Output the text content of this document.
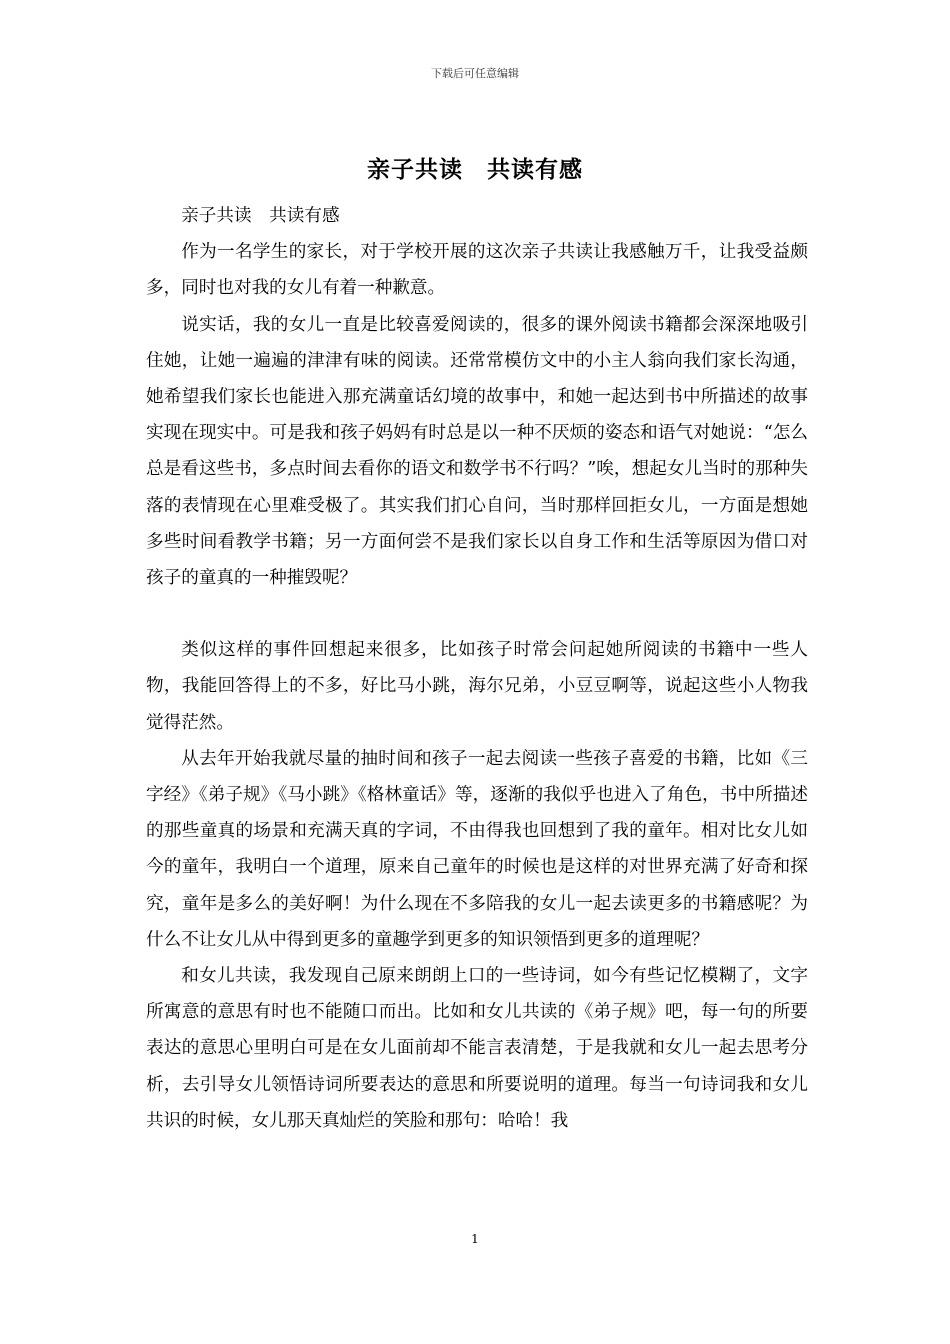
下载后可任意编辑
亲子共读　共读有感

亲子共读　共读有感

作为一名学生的家长，对于学校开展的这次亲子共读让我感触万千，让我受益颇多，同时也对我的女儿有着一种歉意。

说实话，我的女儿一直是比较喜爱阅读的，很多的课外阅读书籍都会深深地吸引住她，让她一遍遍的津津有味的阅读。还常常模仿文中的小主人翁向我们家长沟通，她希望我们家长也能进入那充满童话幻境的故事中，和她一起达到书中所描述的故事实现在现实中。可是我和孩子妈妈有时总是以一种不厌烦的姿态和语气对她说：“怎么总是看这些书，多点时间去看你的语文和数学书不行吗？”唉，想起女儿当时的那种失落的表情现在心里难受极了。其实我们扪心自问，当时那样回拒女儿，一方面是想她多些时间看教学书籍；另一方面何尝不是我们家长以自身工作和生活等原因为借口对孩子的童真的一种摧毁呢？

类似这样的事件回想起来很多，比如孩子时常会问起她所阅读的书籍中一些人物，我能回答得上的不多，好比马小跳，海尔兄弟，小豆豆啊等，说起这些小人物我觉得茫然。

从去年开始我就尽量的抽时间和孩子一起去阅读一些孩子喜爱的书籍，比如《三字经》《弟子规》《马小跳》《格林童话》等，逐渐的我似乎也进入了角色，书中所描述的那些童真的场景和充满天真的字词，不由得我也回想到了我的童年。相对比女儿如今的童年，我明白一个道理，原来自己童年的时候也是这样的对世界充满了好奇和探究，童年是多么的美好啊！为什么现在不多陪我的女儿一起去读更多的书籍感呢？为什么不让女儿从中得到更多的童趣学到更多的知识领悟到更多的道理呢？

和女儿共读，我发现自己原来朗朗上口的一些诗词，如今有些记忆模糊了，文字所寓意的意思有时也不能随口而出。比如和女儿共读的《弟子规》吧，每一句的所要表达的意思心里明白可是在女儿面前却不能言表清楚，于是我就和女儿一起去思考分析，去引导女儿领悟诗词所要表达的意思和所要说明的道理。每当一句诗词我和女儿共识的时候，女儿那天真灿烂的笑脸和那句：哈哈！我

1
